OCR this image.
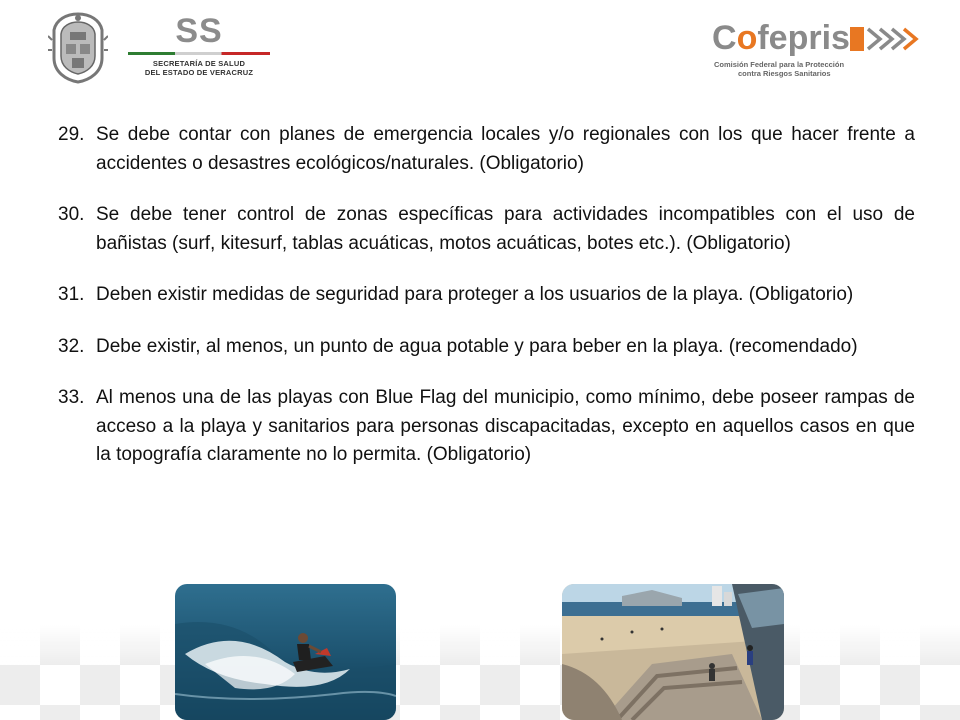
SS
SECRETARÍA DE SALUD
DEL ESTADO DE VERACRUZ
Cofepris
Comisión Federal para la Protección
contra Riesgos Sanitarios
29. Se debe contar con planes de emergencia locales y/o regionales con los que hacer frente a accidentes o desastres ecológicos/naturales. (Obligatorio)
30. Se debe tener control de zonas específicas para actividades incompatibles con el uso de bañistas (surf, kitesurf, tablas acuáticas, motos acuáticas, botes etc.). (Obligatorio)
31. Deben existir medidas de seguridad para proteger a los usuarios de la playa. (Obligatorio)
32. Debe existir, al menos, un punto de agua potable y para beber en la playa. (recomendado)
33. Al menos una de las playas con Blue Flag del municipio, como mínimo, debe poseer rampas de acceso a la playa y sanitarios para personas discapacitadas, excepto en aquellos casos en que la topografía claramente no lo permita. (Obligatorio)
